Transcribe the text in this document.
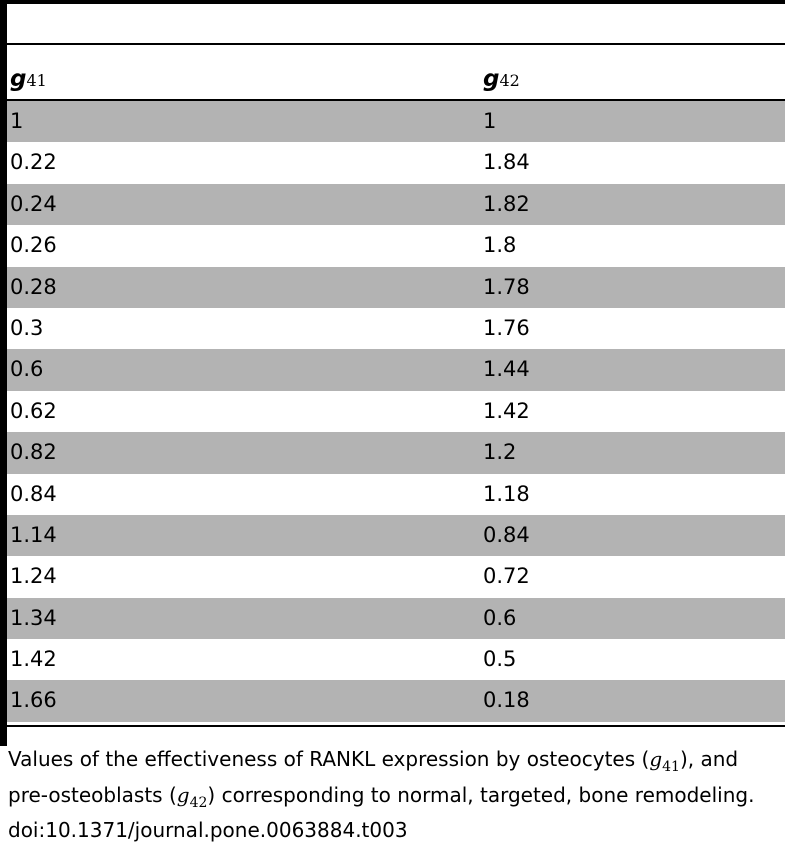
g41	g42
1	1
0.22	1.84
0.24	1.82
0.26	1.8
0.28	1.78
0.3	1.76
0.6	1.44
0.62	1.42
0.82	1.2
0.84	1.18
1.14	0.84
1.24	0.72
1.34	0.6
1.42	0.5
1.66	0.18
Values of the effectiveness of RANKL expression by osteocytes $(g_{41})$, and pre-osteoblasts $(g_{42})$ corresponding to normal, targeted, bone remodeling.
doi:10.1371/journal.pone.0063884.t003
